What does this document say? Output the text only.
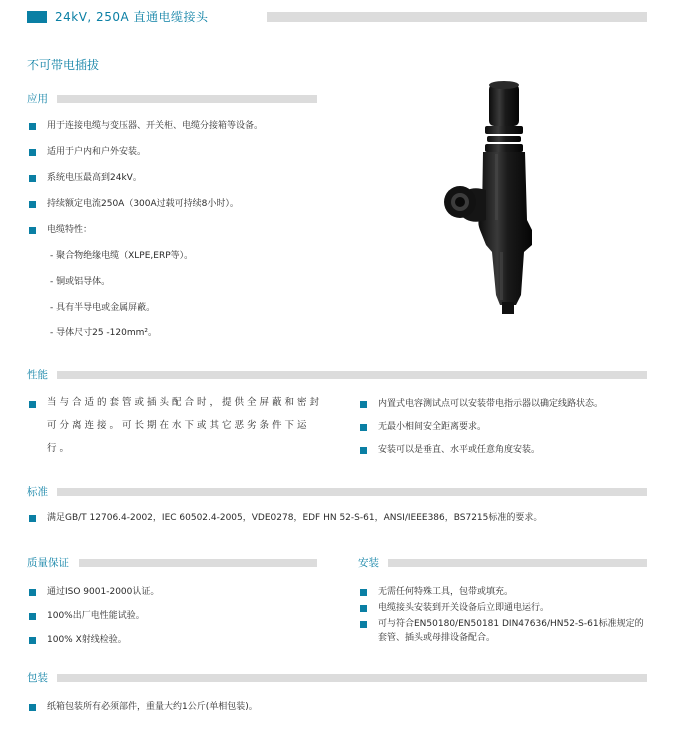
24kV, 250A 直通电缆接头
不可带电插拔
应用
用于连接电缆与变压器、开关柜、电缆分接箱等设备。
适用于户内和户外安装。
系统电压最高到24kV。
持续额定电流250A（300A过载可持续8小时）。
电缆特性：
- 聚合物绝缘电缆（XLPE,ERP等）。
- 铜或铝导体。
- 具有半导电或金属屏蔽。
- 导体尺寸25 -120mm²。
性能
当与合适的套管或插头配合时，提供全屏蔽和密封可分离连接。可长期在水下或其它恶劣条件下运行。
内置式电容测试点可以安装带电指示器以确定线路状态。
无最小相间安全距离要求。
安装可以是垂直、水平或任意角度安装。
标准
满足GB/T 12706.4-2002，IEC 60502.4-2005，VDE0278，EDF HN 52-S-61，ANSI/IEEE386，BS7215标准的要求。
质量保证
通过ISO 9001-2000认证。
100%出厂电性能试验。
100% X射线检验。
安装
无需任何特殊工具，包带或填充。
电缆接头安装到开关设备后立即通电运行。
可与符合EN50180/EN50181 DIN47636/HN52-S-61标准规定的套管、插头或母排设备配合。
包装
纸箱包装所有必须部件，重量大约1公斤(单相包装)。
